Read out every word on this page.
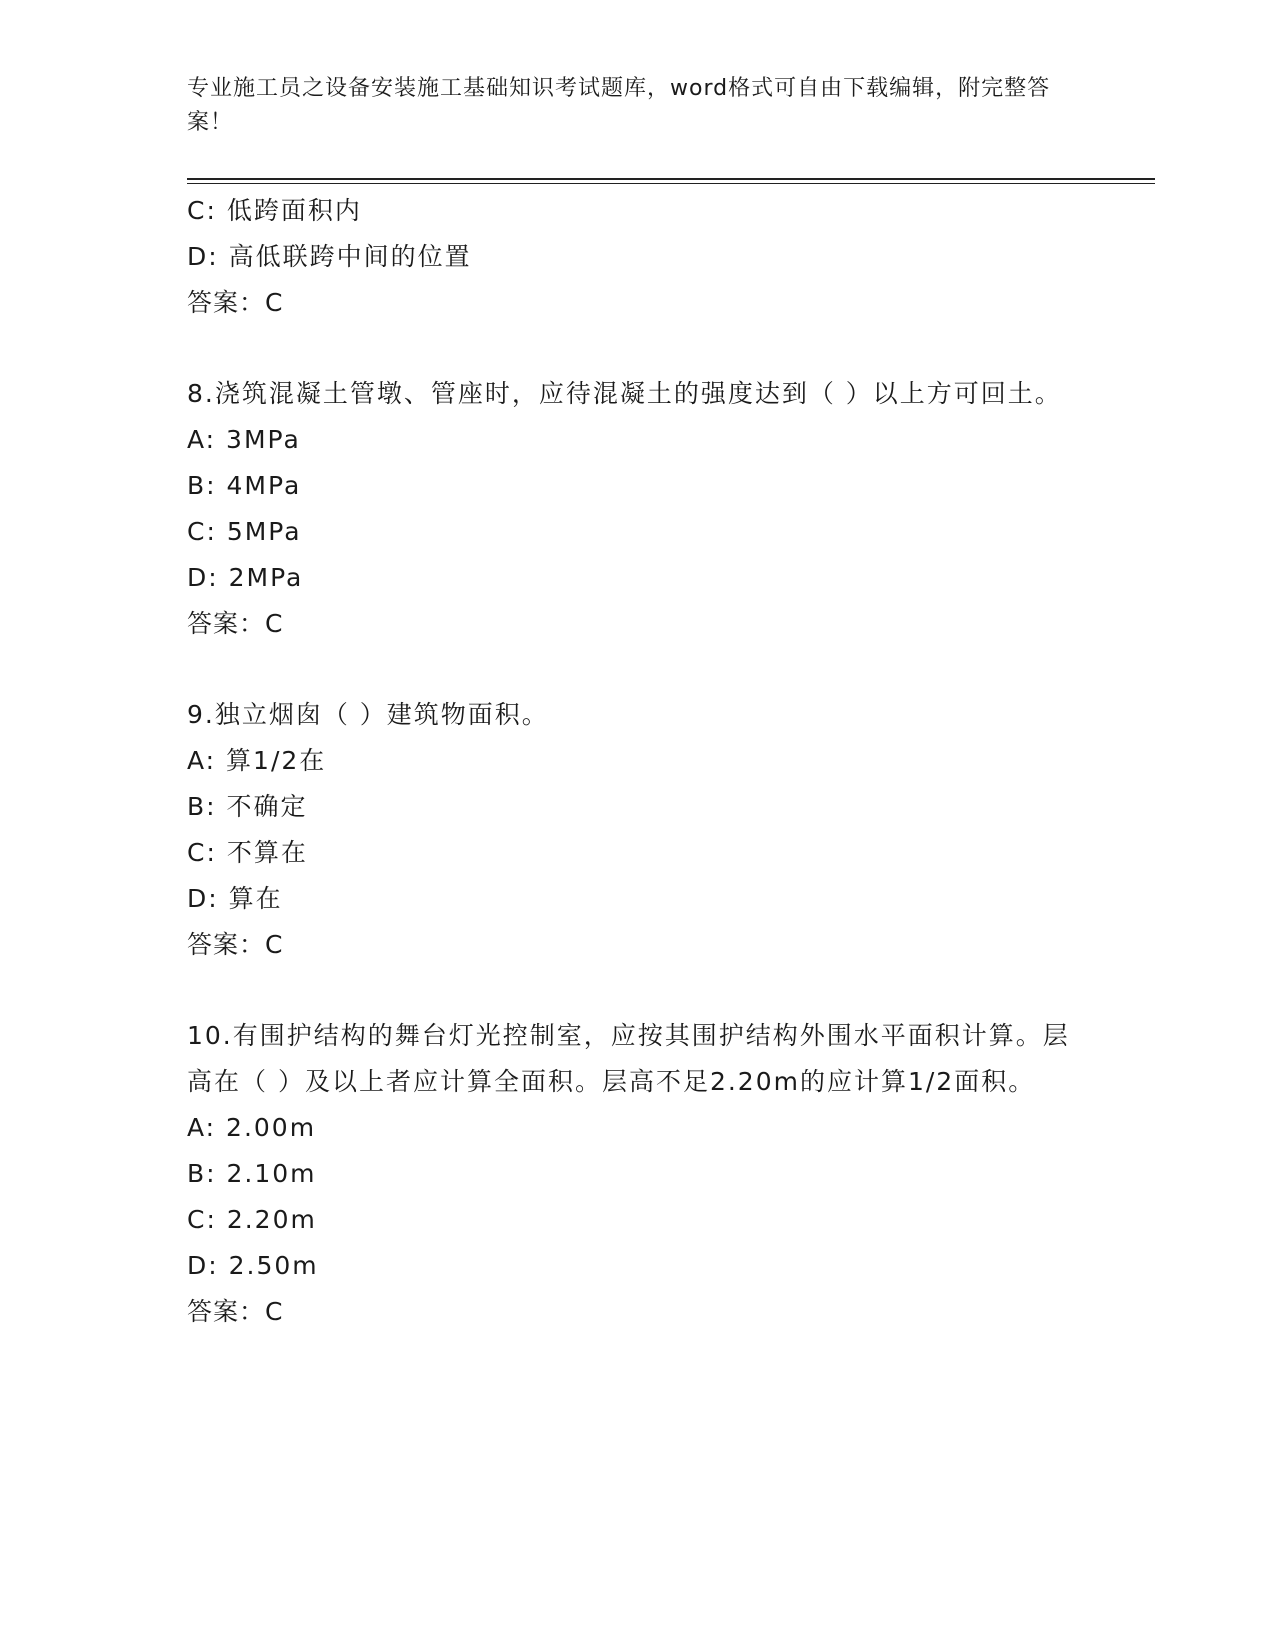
专业施工员之设备安装施工基础知识考试题库，word格式可自由下载编辑，附完整答案！
C: 低跨面积内
D: 高低联跨中间的位置
答案：C
8.浇筑混凝土管墩、管座时，应待混凝土的强度达到（ ）以上方可回土。
A: 3MPa
B: 4MPa
C: 5MPa
D: 2MPa
答案：C
9.独立烟囱（ ）建筑物面积。
A: 算1/2在
B: 不确定
C: 不算在
D: 算在
答案：C
10.有围护结构的舞台灯光控制室，应按其围护结构外围水平面积计算。层高在（ ）及以上者应计算全面积。层高不足2.20m的应计算1/2面积。
A: 2.00m
B: 2.10m
C: 2.20m
D: 2.50m
答案：C
